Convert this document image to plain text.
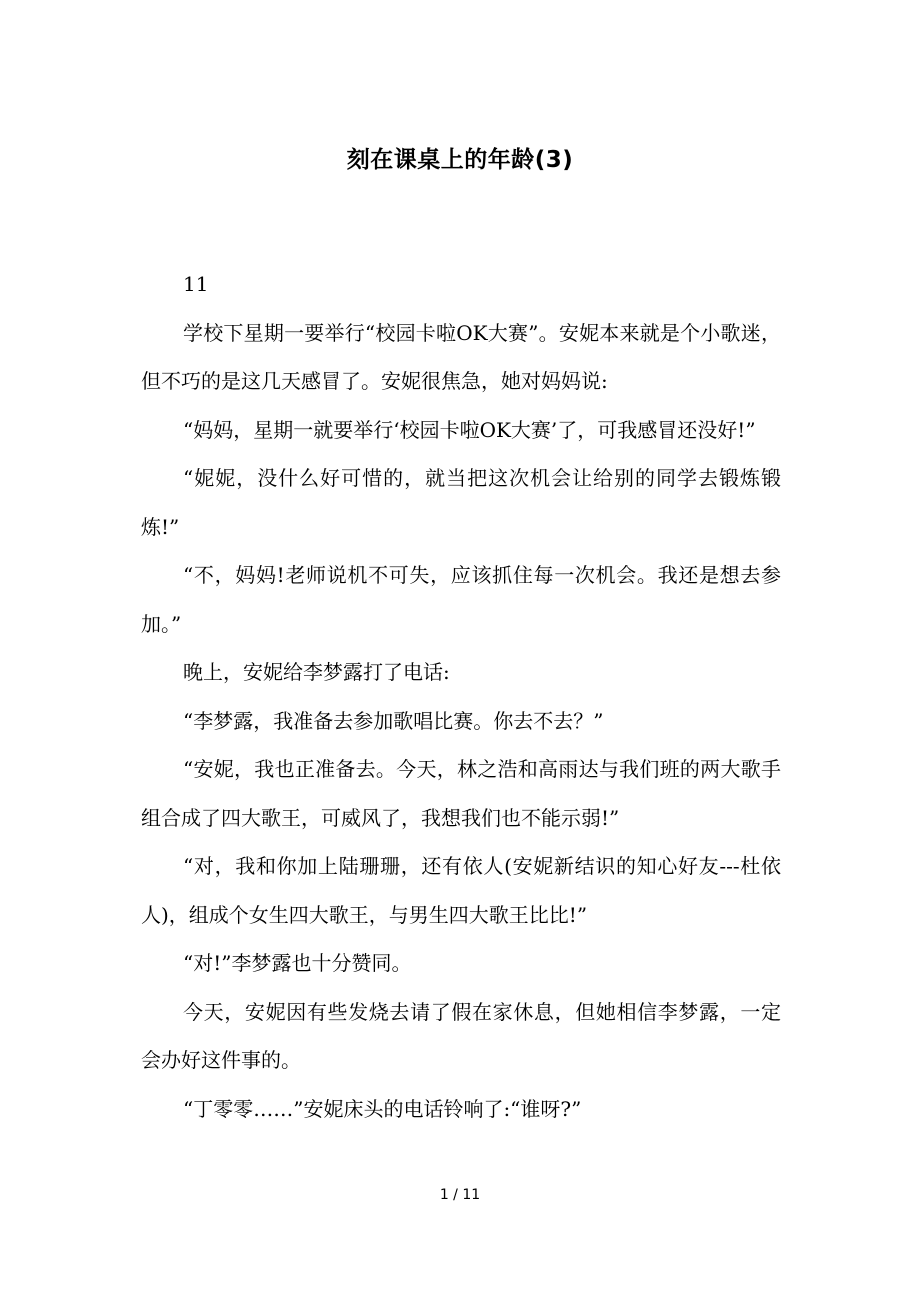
刻在课桌上的年龄(3)

11

学校下星期一要举行“校园卡啦OK大赛”。安妮本来就是个小歌迷，但不巧的是这几天感冒了。安妮很焦急，她对妈妈说:

“妈妈，星期一就要举行‘校园卡啦OK大赛’了，可我感冒还没好!”

“妮妮，没什么好可惜的，就当把这次机会让给别的同学去锻炼锻炼!”

“不，妈妈!老师说机不可失，应该抓住每一次机会。我还是想去参加。”

晚上，安妮给李梦露打了电话:

“李梦露，我准备去参加歌唱比赛。你去不去？”

“安妮，我也正准备去。今天，林之浩和高雨达与我们班的两大歌手组合成了四大歌王，可威风了，我想我们也不能示弱!”

“对，我和你加上陆珊珊，还有依人(安妮新结识的知心好友---杜依人)，组成个女生四大歌王，与男生四大歌王比比!”

“对!”李梦露也十分赞同。

今天，安妮因有些发烧去请了假在家休息，但她相信李梦露，一定会办好这件事的。

“丁零零……”安妮床头的电话铃响了:“谁呀?”

1 / 11
